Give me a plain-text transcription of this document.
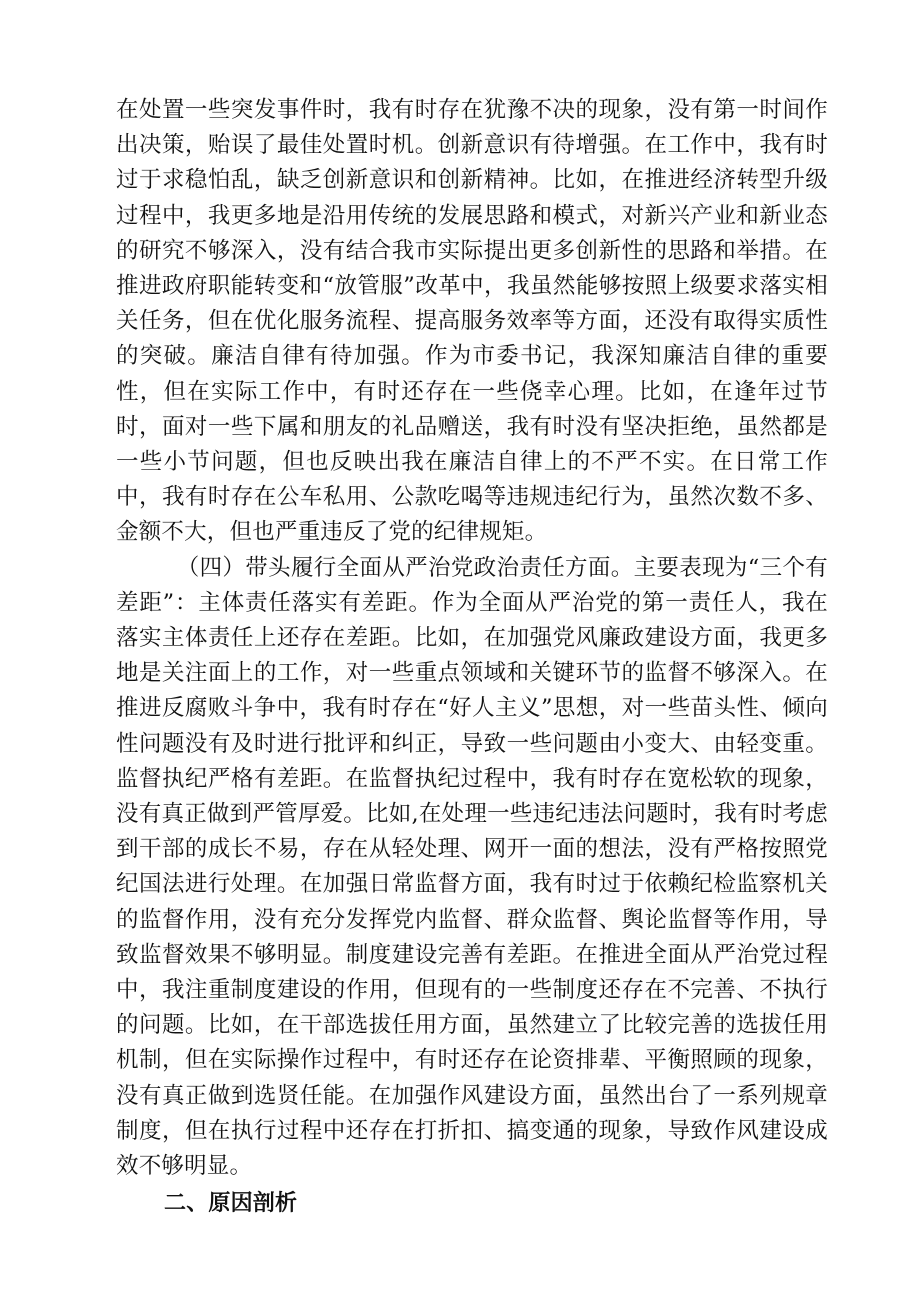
在处置一些突发事件时，我有时存在犹豫不决的现象，没有第一时间作出决策，贻误了最佳处置时机。创新意识有待增强。在工作中，我有时过于求稳怕乱，缺乏创新意识和创新精神。比如，在推进经济转型升级过程中，我更多地是沿用传统的发展思路和模式，对新兴产业和新业态的研究不够深入，没有结合我市实际提出更多创新性的思路和举措。在推进政府职能转变和“放管服”改革中，我虽然能够按照上级要求落实相关任务，但在优化服务流程、提高服务效率等方面，还没有取得实质性的突破。廉洁自律有待加强。作为市委书记，我深知廉洁自律的重要性，但在实际工作中，有时还存在一些侥幸心理。比如，在逢年过节时，面对一些下属和朋友的礼品赠送，我有时没有坚决拒绝，虽然都是一些小节问题，但也反映出我在廉洁自律上的不严不实。在日常工作中，我有时存在公车私用、公款吃喝等违规违纪行为，虽然次数不多、金额不大，但也严重违反了党的纪律规矩。

（四）带头履行全面从严治党政治责任方面。主要表现为“三个有差距”：主体责任落实有差距。作为全面从严治党的第一责任人，我在落实主体责任上还存在差距。比如，在加强党风廉政建设方面，我更多地是关注面上的工作，对一些重点领域和关键环节的监督不够深入。在推进反腐败斗争中，我有时存在“好人主义”思想，对一些苗头性、倾向性问题没有及时进行批评和纠正，导致一些问题由小变大、由轻变重。监督执纪严格有差距。在监督执纪过程中，我有时存在宽松软的现象，没有真正做到严管厚爱。比如,在处理一些违纪违法问题时，我有时考虑到干部的成长不易，存在从轻处理、网开一面的想法，没有严格按照党纪国法进行处理。在加强日常监督方面，我有时过于依赖纪检监察机关的监督作用，没有充分发挥党内监督、群众监督、舆论监督等作用，导致监督效果不够明显。制度建设完善有差距。在推进全面从严治党过程中，我注重制度建设的作用，但现有的一些制度还存在不完善、不执行的问题。比如，在干部选拔任用方面，虽然建立了比较完善的选拔任用机制，但在实际操作过程中，有时还存在论资排辈、平衡照顾的现象，没有真正做到选贤任能。在加强作风建设方面，虽然出台了一系列规章制度，但在执行过程中还存在打折扣、搞变通的现象，导致作风建设成效不够明显。

二、原因剖析
